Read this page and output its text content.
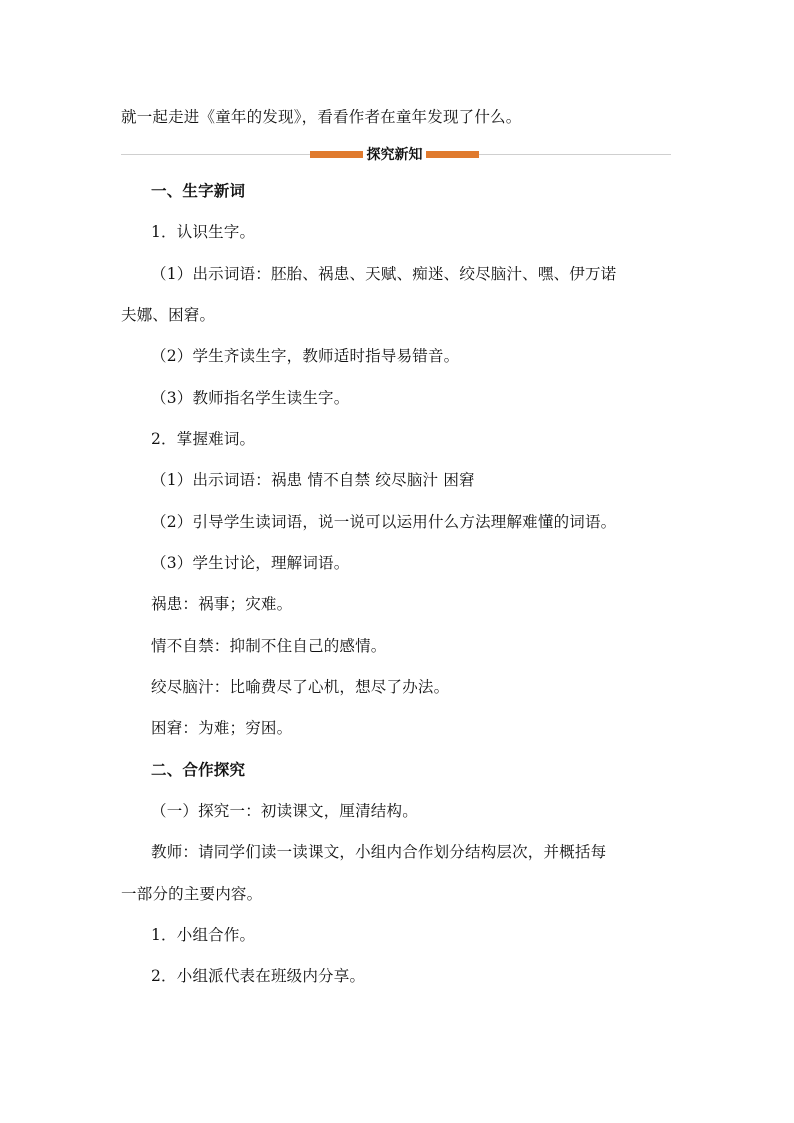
就一起走进《童年的发现》，看看作者在童年发现了什么。
探究新知
一、生字新词
1．认识生字。
（1）出示词语：胚胎、祸患、天赋、痴迷、绞尽脑汁、嘿、伊万诺
夫娜、困窘。
（2）学生齐读生字，教师适时指导易错音。
（3）教师指名学生读生字。
2．掌握难词。
（1）出示词语：祸患 情不自禁 绞尽脑汁 困窘
（2）引导学生读词语，说一说可以运用什么方法理解难懂的词语。
（3）学生讨论，理解词语。
祸患：祸事；灾难。
情不自禁：抑制不住自己的感情。
绞尽脑汁：比喻费尽了心机，想尽了办法。
困窘：为难；穷困。
二、合作探究
（一）探究一：初读课文，厘清结构。
教师：请同学们读一读课文，小组内合作划分结构层次，并概括每
一部分的主要内容。
1．小组合作。
2．小组派代表在班级内分享。
